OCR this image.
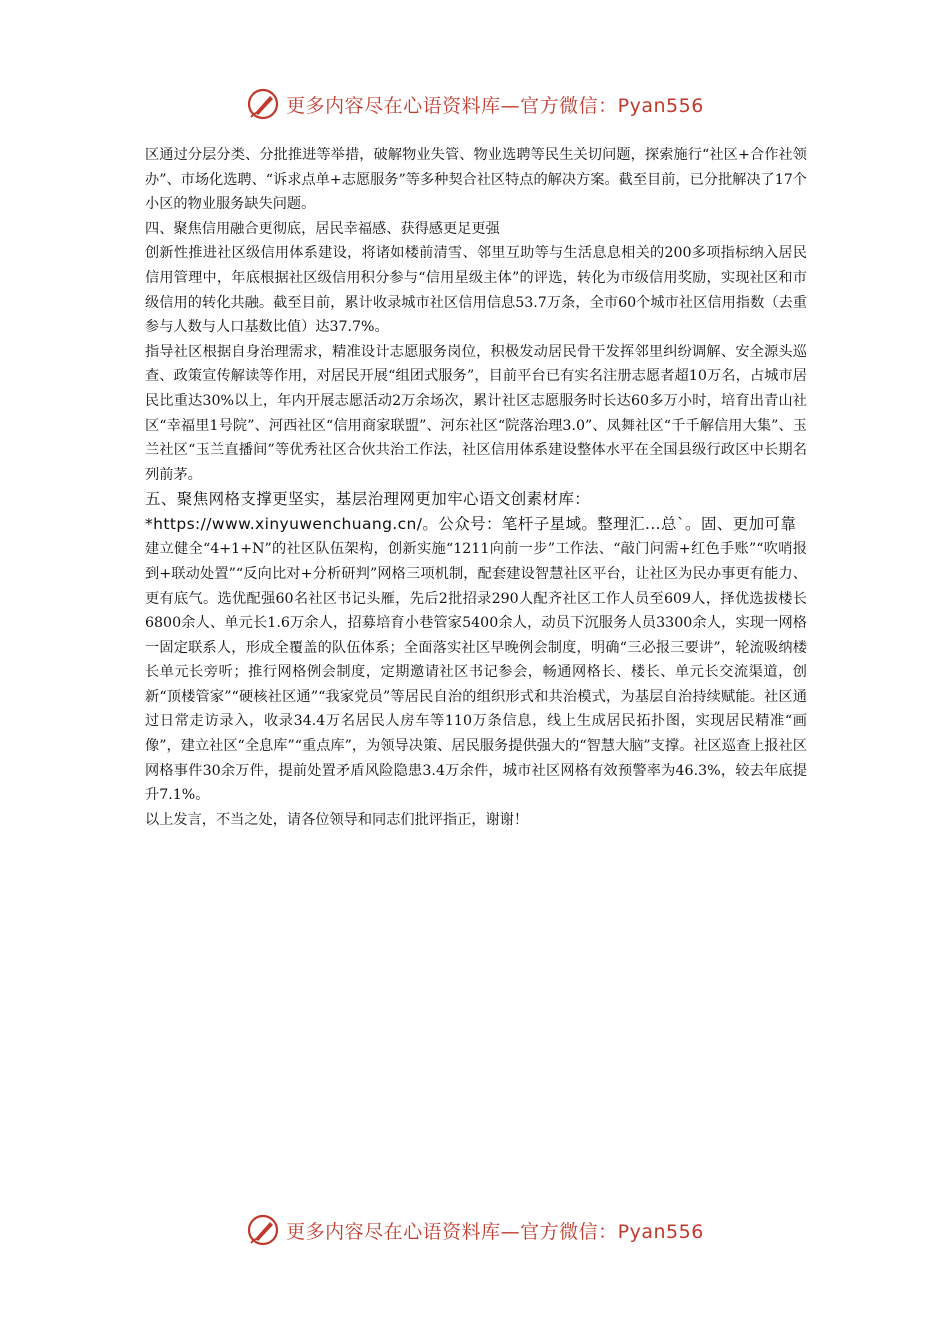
更多内容尽在心语资料库—官方微信：Pyan556

区通过分层分类、分批推进等举措，破解物业失管、物业选聘等民生关切问题，探索施行“社区+合作社领办”、市场化选聘、“诉求点单+志愿服务”等多种契合社区特点的解决方案。截至目前，已分批解决了17个小区的物业服务缺失问题。

四、聚焦信用融合更彻底，居民幸福感、获得感更足更强

创新性推进社区级信用体系建设，将诸如楼前清雪、邻里互助等与生活息息相关的200多项指标纳入居民信用管理中，年底根据社区级信用积分参与“信用星级主体”的评选，转化为市级信用奖励，实现社区和市级信用的转化共融。截至目前，累计收录城市社区信用信息53.7万条，全市60个城市社区信用指数（去重参与人数与人口基数比值）达37.7%。

指导社区根据自身治理需求，精准设计志愿服务岗位，积极发动居民骨干发挥邻里纠纷调解、安全源头巡查、政策宣传解读等作用，对居民开展“组团式服务”，目前平台已有实名注册志愿者超10万名，占城市居民比重达30%以上，年内开展志愿活动2万余场次，累计社区志愿服务时长达60多万小时，培育出青山社区“幸福里1号院”、河西社区“信用商家联盟”、河东社区“院落治理3.0”、凤舞社区“千千解信用大集”、玉兰社区“玉兰直播间”等优秀社区合伙共治工作法，社区信用体系建设整体水平在全国县级行政区中长期名列前茅。

五、聚焦网格支撑更坚实，基层治理网更加牢心语文创素材库：*https://www.xinyuwenchuang.cn/。公众号：笔杆子星域。整理汇...总`。固、更加可靠

建立健全“4+1+N”的社区队伍架构，创新实施“1211向前一步”工作法、“敲门问需+红色手账”“吹哨报到+联动处置”“反向比对+分析研判”网格三项机制，配套建设智慧社区平台，让社区为民办事更有能力、更有底气。选优配强60名社区书记头雁，先后2批招录290人配齐社区工作人员至609人，择优选拔楼长6800余人、单元长1.6万余人，招募培育小巷管家5400余人，动员下沉服务人员3300余人，实现一网格一固定联系人，形成全覆盖的队伍体系；全面落实社区早晚例会制度，明确“三必报三要讲”，轮流吸纳楼长单元长旁听；推行网格例会制度，定期邀请社区书记参会，畅通网格长、楼长、单元长交流渠道，创新“顶楼管家”“硬核社区通”“我家党员”等居民自治的组织形式和共治模式，为基层自治持续赋能。社区通过日常走访录入，收录34.4万名居民人房车等110万条信息，线上生成居民拓扑图，实现居民精准“画像”，建立社区“全息库”“重点库”，为领导决策、居民服务提供强大的“智慧大脑”支撑。社区巡查上报社区网格事件30余万件，提前处置矛盾风险隐患3.4万余件，城市社区网格有效预警率为46.3%，较去年底提升7.1%。

以上发言，不当之处，请各位领导和同志们批评指正，谢谢！

更多内容尽在心语资料库—官方微信：Pyan556
